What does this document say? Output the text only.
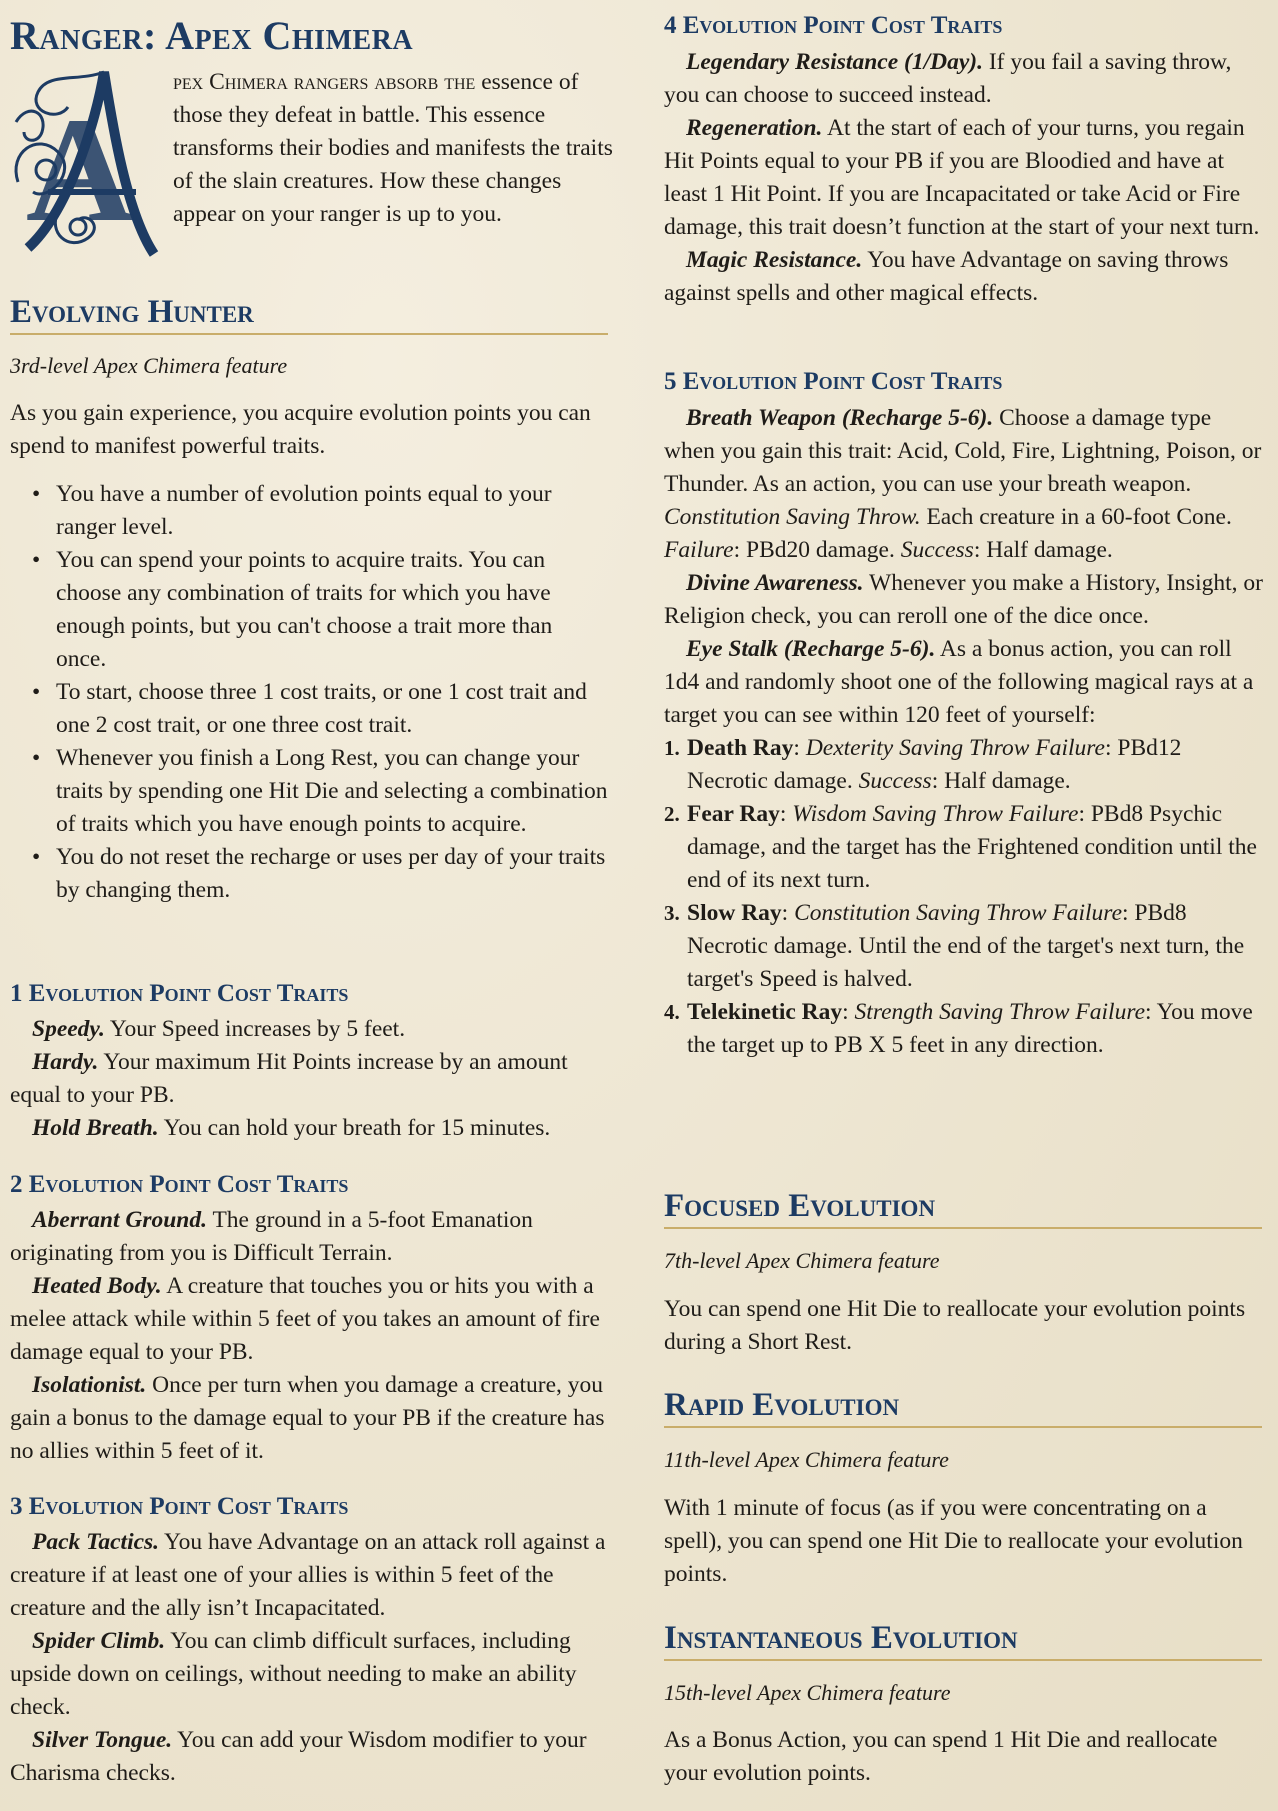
Ranger: Apex Chimera
A

pex Chimera rangers absorb the essence of those they defeat in battle. This essence transforms their bodies and manifests the traits of the slain creatures. How these changes appear on your ranger is up to you.

Evolving Hunter

3rd-level Apex Chimera feature

As you gain experience, you acquire evolution points you can spend to manifest powerful traits.

• You have a number of evolution points equal to your ranger level.
• You can spend your points to acquire traits. You can choose any combination of traits for which you have enough points, but you can't choose a trait more than once.
• To start, choose three 1 cost traits, or one 1 cost trait and one 2 cost trait, or one three cost trait.
• Whenever you finish a Long Rest, you can change your traits by spending one Hit Die and selecting a combination of traits which you have enough points to acquire.
• You do not reset the recharge or uses per day of your traits by changing them.
1 Evolution Point Cost Traits

Speedy. Your Speed increases by 5 feet.

Hardy. Your maximum Hit Points increase by an amount equal to your PB.

Hold Breath. You can hold your breath for 15 minutes.

2 Evolution Point Cost Traits

Aberrant Ground. The ground in a 5-foot Emanation originating from you is Difficult Terrain.

Heated Body. A creature that touches you or hits you with a melee attack while within 5 feet of you takes an amount of fire damage equal to your PB.

Isolationist. Once per turn when you damage a creature, you gain a bonus to the damage equal to your PB if the creature has no allies within 5 feet of it.

3 Evolution Point Cost Traits

Pack Tactics. You have Advantage on an attack roll against a creature if at least one of your allies is within 5 feet of the creature and the ally isn’t Incapacitated.

Spider Climb. You can climb difficult surfaces, including upside down on ceilings, without needing to make an ability check.

Silver Tongue. You can add your Wisdom modifier to your Charisma checks.

4 Evolution Point Cost Traits

Legendary Resistance (1/Day). If you fail a saving throw, you can choose to succeed instead.

Regeneration. At the start of each of your turns, you regain Hit Points equal to your PB if you are Bloodied and have at least 1 Hit Point. If you are Incapacitated or take Acid or Fire damage, this trait doesn’t function at the start of your next turn.

Magic Resistance. You have Advantage on saving throws against spells and other magical effects.

5 Evolution Point Cost Traits

Breath Weapon (Recharge 5-6). Choose a damage type when you gain this trait: Acid, Cold, Fire, Lightning, Poison, or Thunder. As an action, you can use your breath weapon. Constitution Saving Throw. Each creature in a 60-foot Cone. Failure: PBd20 damage. Success: Half damage.

Divine Awareness. Whenever you make a History, Insight, or Religion check, you can reroll one of the dice once.

Eye Stalk (Recharge 5-6). As a bonus action, you can roll 1d4 and randomly shoot one of the following magical rays at a target you can see within 120 feet of yourself:

1. Death Ray: Dexterity Saving Throw Failure: PBd12 Necrotic damage. Success: Half damage.
2. Fear Ray: Wisdom Saving Throw Failure: PBd8 Psychic damage, and the target has the Frightened condition until the end of its next turn.
3. Slow Ray: Constitution Saving Throw Failure: PBd8 Necrotic damage. Until the end of the target's next turn, the target's Speed is halved.
4. Telekinetic Ray: Strength Saving Throw Failure: You move the target up to PB X 5 feet in any direction.
Focused Evolution

7th-level Apex Chimera feature

You can spend one Hit Die to reallocate your evolution points during a Short Rest.

Rapid Evolution

11th-level Apex Chimera feature

With 1 minute of focus (as if you were concentrating on a spell), you can spend one Hit Die to reallocate your evolution points.

Instantaneous Evolution

15th-level Apex Chimera feature

As a Bonus Action, you can spend 1 Hit Die and reallocate your evolution points.
